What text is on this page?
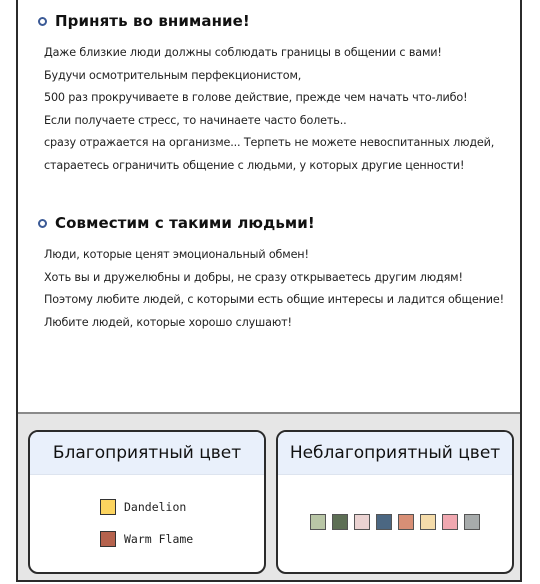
Принять во внимание!
Даже близкие люди должны соблюдать границы в общении с вами!
Будучи осмотрительным перфекционистом,
500 раз прокручиваете в голове действие, прежде чем начать что-либо!
Если получаете стресс, то начинаете часто болеть..
сразу отражается на организме... Терпеть не можете невоспитанных людей,
стараетесь ограничить общение с людьми, у которых другие ценности!
Совместим с такими людьми!
Люди, которые ценят эмоциональный обмен!
Хоть вы и дружелюбны и добры, не сразу открываетесь другим людям!
Поэтому любите людей, с которыми есть общие интересы и ладится общение!
Любите людей, которые хорошо слушают!
Благоприятный цвет
Dandelion
Warm Flame
Неблагоприятный цвет
